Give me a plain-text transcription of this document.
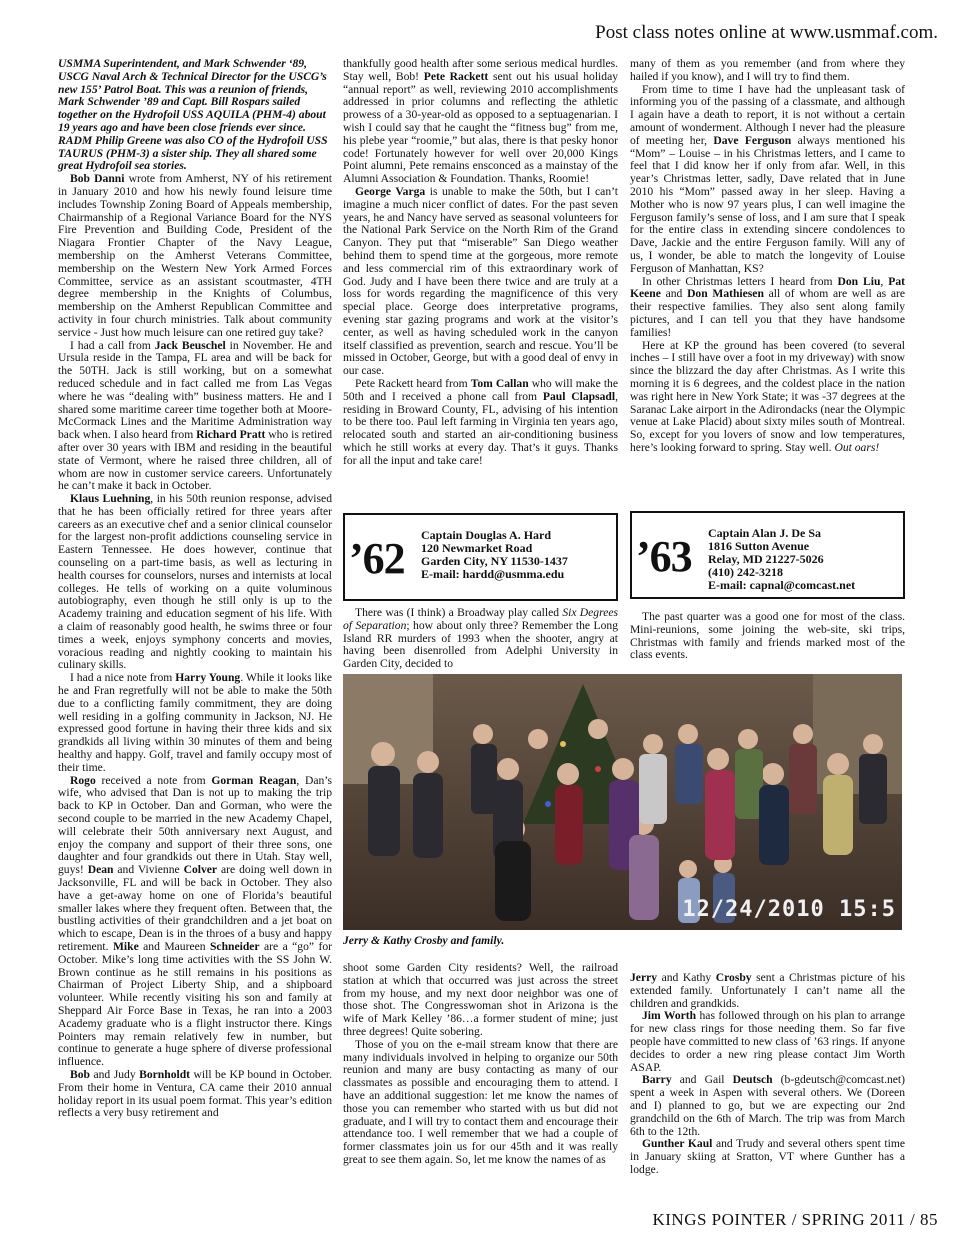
Post class notes online at www.usmmaf.com.

USMMA Superintendent, and Mark Schwender ‘89, USCG Naval Arch & Technical Director for the USCG’s new 155’ Patrol Boat. This was a reunion of friends, Mark Schwender ’89 and Capt. Bill Rospars sailed together on the Hydrofoil USS AQUILA (PHM-4) about 19 years ago and have been close friends ever since. RADM Philip Greene was also CO of the Hydrofoil USS TAURUS (PHM-3) a sister ship. They all shared some great Hydrofoil sea stories.

Bob Danni wrote from Amherst, NY of his retirement in January 2010 and how his newly found leisure time includes Township Zoning Board of Appeals membership, Chairmanship of a Regional Variance Board for the NYS Fire Prevention and Building Code, President of the Niagara Frontier Chapter of the Navy League, membership on the Amherst Veterans Committee, membership on the Western New York Armed Forces Committee, service as an assistant scoutmaster, 4TH degree membership in the Knights of Columbus, membership on the Amherst Republican Committee and activity in four church ministries. Talk about community service - Just how much leisure can one retired guy take?

I had a call from Jack Beuschel in November. He and Ursula reside in the Tampa, FL area and will be back for the 50TH. Jack is still working, but on a somewhat reduced schedule and in fact called me from Las Vegas where he was “dealing with” business matters. He and I shared some maritime career time together both at Moore-McCormack Lines and the Maritime Administration way back when. I also heard from Richard Pratt who is retired after over 30 years with IBM and residing in the beautiful state of Vermont, where he raised three children, all of whom are now in customer service careers. Unfortunately he can’t make it back in October.

Klaus Luehning, in his 50th reunion response, advised that he has been officially retired for three years after careers as an executive chef and a senior clinical counselor for the largest non-profit addictions counseling service in Eastern Tennessee. He does however, continue that counseling on a part-time basis, as well as lecturing in health courses for counselors, nurses and internists at local colleges. He tells of working on a quite voluminous autobiography, even though he still only is up to the Academy training and education segment of his life. With a claim of reasonably good health, he swims three or four times a week, enjoys symphony concerts and movies, voracious reading and nightly cooking to maintain his culinary skills.

I had a nice note from Harry Young. While it looks like he and Fran regretfully will not be able to make the 50th due to a conflicting family commitment, they are doing well residing in a golfing community in Jackson, NJ. He expressed good fortune in having their three kids and six grandkids all living within 30 minutes of them and being healthy and happy. Golf, travel and family occupy most of their time.

Rogo received a note from Gorman Reagan, Dan’s wife, who advised that Dan is not up to making the trip back to KP in October. Dan and Gorman, who were the second couple to be married in the new Academy Chapel, will celebrate their 50th anniversary next August, and enjoy the company and support of their three sons, one daughter and four grandkids out there in Utah. Stay well, guys! Dean and Vivienne Colver are doing well down in Jacksonville, FL and will be back in October. They also have a get-away home on one of Florida’s beautiful smaller lakes where they frequent often. Between that, the bustling activities of their grandchildren and a jet boat on which to escape, Dean is in the throes of a busy and happy retirement. Mike and Maureen Schneider are a “go” for October. Mike’s long time activities with the SS John W. Brown continue as he still remains in his positions as Chairman of Project Liberty Ship, and a shipboard volunteer. While recently visiting his son and family at Sheppard Air Force Base in Texas, he ran into a 2003 Academy graduate who is a flight instructor there. Kings Pointers may remain relatively few in number, but continue to generate a huge sphere of diverse professional influence.

Bob and Judy Bornholdt will be KP bound in October. From their home in Ventura, CA came their 2010 annual holiday report in its usual poem format. This year’s edition reflects a very busy retirement and

thankfully good health after some serious medical hurdles. Stay well, Bob! Pete Rackett sent out his usual holiday “annual report” as well, reviewing 2010 accomplishments addressed in prior columns and reflecting the athletic prowess of a 30-year-old as opposed to a septuagenarian. I wish I could say that he caught the “fitness bug” from me, his plebe year “roomie,” but alas, there is that pesky honor code! Fortunately however for well over 20,000 Kings Point alumni, Pete remains ensconced as a mainstay of the Alumni Association & Foundation. Thanks, Roomie!

George Varga is unable to make the 50th, but I can’t imagine a much nicer conflict of dates. For the past seven years, he and Nancy have served as seasonal volunteers for the National Park Service on the North Rim of the Grand Canyon. They put that “miserable” San Diego weather behind them to spend time at the gorgeous, more remote and less commercial rim of this extraordinary work of God. Judy and I have been there twice and are truly at a loss for words regarding the magnificence of this very special place. George does interpretative programs, evening star gazing programs and work at the visitor’s center, as well as having scheduled work in the canyon itself classified as prevention, search and rescue. You’ll be missed in October, George, but with a good deal of envy in our case.

Pete Rackett heard from Tom Callan who will make the 50th and I received a phone call from Paul Clapsadl, residing in Broward County, FL, advising of his intention to be there too. Paul left farming in Virginia ten years ago, relocated south and started an air-conditioning business which he still works at every day. That’s it guys. Thanks for all the input and take care!

many of them as you remember (and from where they hailed if you know), and I will try to find them.

From time to time I have had the unpleasant task of informing you of the passing of a classmate, and although I again have a death to report, it is not without a certain amount of wonderment. Although I never had the pleasure of meeting her, Dave Ferguson always mentioned his “Mom” – Louise – in his Christmas letters, and I came to feel that I did know her if only from afar. Well, in this year’s Christmas letter, sadly, Dave related that in June 2010 his “Mom” passed away in her sleep. Having a Mother who is now 97 years plus, I can well imagine the Ferguson family’s sense of loss, and I am sure that I speak for the entire class in extending sincere condolences to Dave, Jackie and the entire Ferguson family. Will any of us, I wonder, be able to match the longevity of Louise Ferguson of Manhattan, KS?

In other Christmas letters I heard from Don Liu, Pat Keene and Don Mathiesen all of whom are well as are their respective families. They also sent along family pictures, and I can tell you that they have handsome families!

Here at KP the ground has been covered (to several inches – I still have over a foot in my driveway) with snow since the blizzard the day after Christmas. As I write this morning it is 6 degrees, and the coldest place in the nation was right here in New York State; it was -37 degrees at the Saranac Lake airport in the Adirondacks (near the Olympic venue at Lake Placid) about sixty miles south of Montreal. So, except for you lovers of snow and low temperatures, here’s looking forward to spring. Stay well. Out oars!

’62 Captain Douglas A. Hard
120 Newmarket Road
Garden City, NY 11530-1437
E-mail: hardd@usmma.edu ’63 Captain Alan J. De Sa
1816 Sutton Avenue
Relay, MD 21227-5026
(410) 242-3218
E-mail: capnal@comcast.net

There was (I think) a Broadway play called Six Degrees of Separation; how about only three? Remember the Long Island RR murders of 1993 when the shooter, angry at having been disenrolled from Adelphi University in Garden City, decided to

The past quarter was a good one for most of the class. Mini-reunions, some joining the web-site, ski trips, Christmas with family and friends marked most of the class events.

12/24/2010 15:5
Jerry & Kathy Crosby and family.

shoot some Garden City residents? Well, the railroad station at which that occurred was just across the street from my house, and my next door neighbor was one of those shot. The Congresswoman shot in Arizona is the wife of Mark Kelley ’86…a former student of mine; just three degrees! Quite sobering.

Those of you on the e-mail stream know that there are many individuals involved in helping to organize our 50th reunion and many are busy contacting as many of our classmates as possible and encouraging them to attend. I have an additional suggestion: let me know the names of those you can remember who started with us but did not graduate, and I will try to contact them and encourage their attendance too. I well remember that we had a couple of former classmates join us for our 45th and it was really great to see them again. So, let me know the names of as

Jerry and Kathy Crosby sent a Christmas picture of his extended family. Unfortunately I can’t name all the children and grandkids.

Jim Worth has followed through on his plan to arrange for new class rings for those needing them. So far five people have committed to new class of ’63 rings. If anyone decides to order a new ring please contact Jim Worth ASAP.

Barry and Gail Deutsch (b-gdeutsch@comcast.net) spent a week in Aspen with several others. We (Doreen and I) planned to go, but we are expecting our 2nd grandchild on the 6th of March. The trip was from March 6th to the 12th.

Gunther Kaul and Trudy and several others spent time in January skiing at Sratton, VT where Gunther has a lodge.

KINGS POINTER / SPRING 2011 / 85
